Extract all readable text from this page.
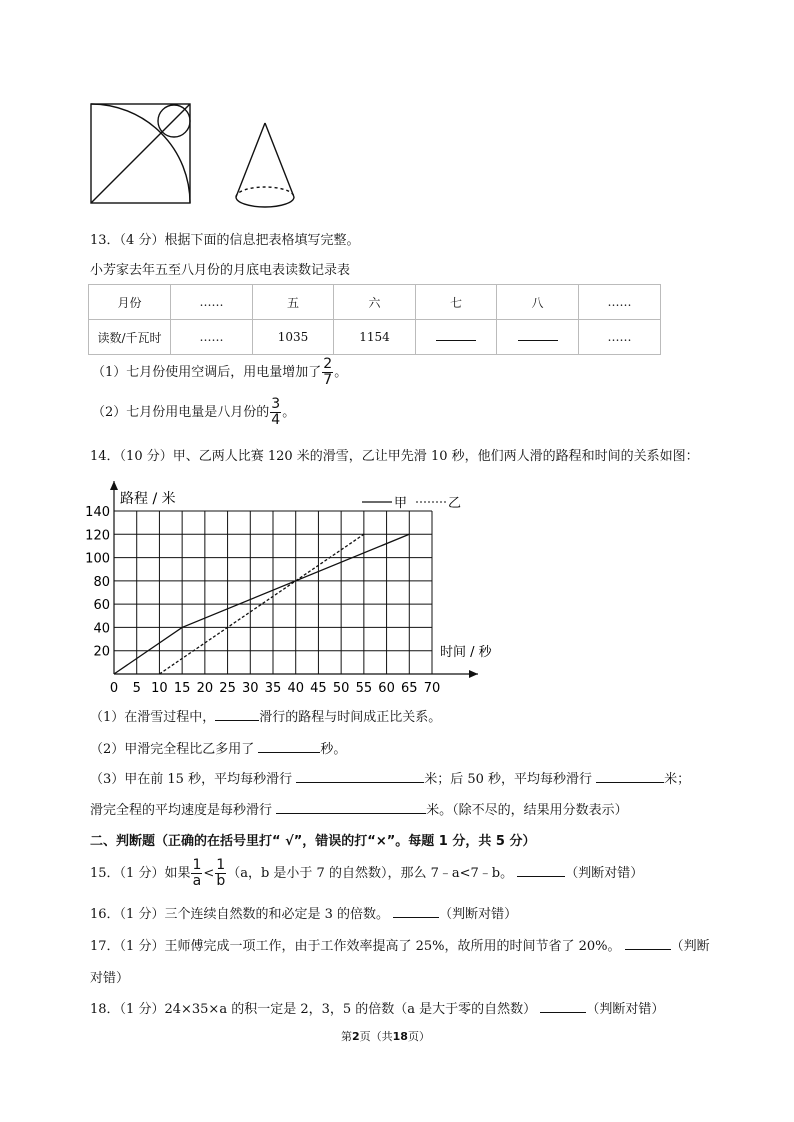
13．（4 分）根据下面的信息把表格填写完整。
小芳家去年五至八月份的月底电表读数记录表
月份	……	五	六	七	八	……
读数/千瓦时	……	1035	1154			……
（1）七月份使用空调后，用电量增加了 $\frac{2}{7}$ 。
（2）七月份用电量是八月份的 $\frac{3}{4}$ 。
14．（10 分）甲、乙两人比赛 120 米的滑雪，乙让甲先滑 10 秒，他们两人滑的路程和时间的关系如图：
0 5 10 15 20 25 30 35 40 45 50 55 60 65 70
20
40
60
80
100
120
140
路程 / 米
时间 / 秒
甲	乙
（1）在滑雪过程中，	滑行的路程与时间成正比关系。
（2）甲滑完全程比乙多用了	秒。
（3）甲在前 15 秒，平均每秒滑行	米；后 50 秒，平均每秒滑行	米；
滑完全程的平均速度是每秒滑行	米。（除不尽的，结果用分数表示）
二、判断题（正确的在括号里打“ √”，错误的打“×”。每题 1 分，共 5 分）
15．（1 分）如果 $\frac{1}{a} < \frac{1}{b} (a$，b 是小于 7 的自然数），那么 7﹣a<7﹣b。	（判断对错）
16．（1 分）三个连续自然数的和必定是 3 的倍数。	（判断对错）
17．（1 分）王师傅完成一项工作，由于工作效率提高了 25%，故所用的时间节省了 20%。	（判断
对错）
18．（1 分）24×35×a 的积一定是 2，3，5 的倍数（a 是大于零的自然数）	（判断对错）
第2页（共18页）
